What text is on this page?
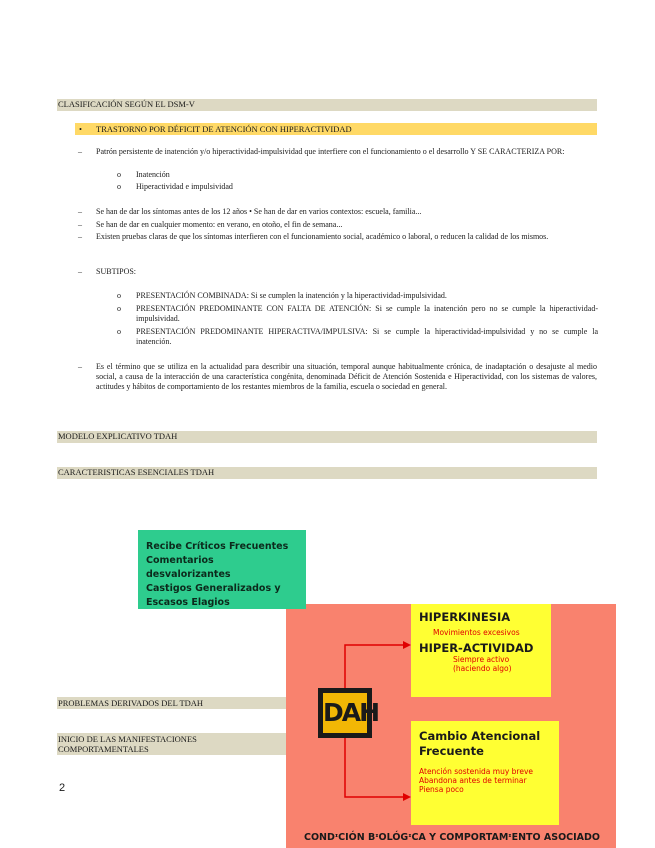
CLASIFICACIÓN SEGÚN EL DSM-V
• TRASTORNO POR DÉFICIT DE ATENCIÓN CON HIPERACTIVIDAD
– Patrón persistente de inatención y/o hiperactividad-impulsividad que interfiere con el funcionamiento o el desarrollo Y SE CARACTERIZA POR:
o Inatención
o Hiperactividad e impulsividad
– Se han de dar los síntomas antes de los 12 años • Se han de dar en varios contextos: escuela, familia...
– Se han de dar en cualquier momento: en verano, en otoño, el fin de semana...
– Existen pruebas claras de que los síntomas interfieren con el funcionamiento social, académico o laboral, o reducen la calidad de los mismos.
– SUBTIPOS:
o PRESENTACIÓN COMBINADA: Si se cumplen la inatención y la hiperactividad-impulsividad.
o PRESENTACIÓN PREDOMINANTE CON FALTA DE ATENCIÓN: Si se cumple la inatención pero no se cumple la hiperactividad-impulsividad.
o PRESENTACIÓN PREDOMINANTE HIPERACTIVA/IMPULSIVA: Si se cumple la hiperactividad-impulsividad y no se cumple la inatención.
– Es el término que se utiliza en la actualidad para describir una situación, temporal aunque habitualmente crónica, de inadaptación o desajuste al medio social, a causa de la interacción de una característica congénita, denominada Déficit de Atención Sostenida e Hiperactividad, con los sistemas de valores, actitudes y hábitos de comportamiento de los restantes miembros de la familia, escuela o sociedad en general.
MODELO EXPLICATIVO TDAH
CARACTERISTICAS ESENCIALES TDAH
PROBLEMAS DERIVADOS DEL TDAH
INICIO DE LAS MANIFESTACIONES COMPORTAMENTALES
2
Recibe Críticos Frecuentes
Comentarios desvalorizantes
Castigos Generalizados y
Escasos Elagios
DAH
HIPERKINESIA
Movimientos excesivos
HIPER-ACTIVIDAD
Siempre activo
(haciendo algo)
Cambio Atencional Frecuente
Atención sostenida muy breve
Abandona antes de terminar
Piensa poco
CONDᶦCIÓN BᶦOLÓGᶦCA Y COMPORTAMᶦENTO ASOCIADO
